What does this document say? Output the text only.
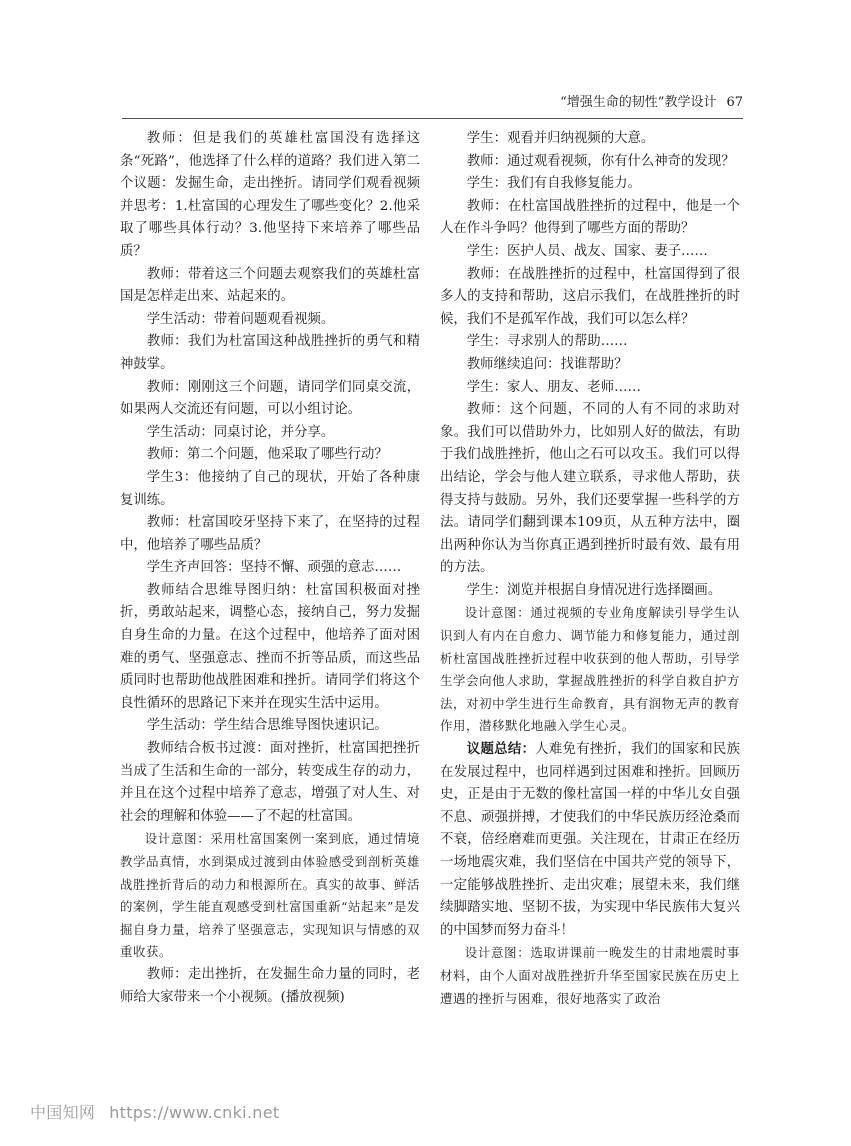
“增强生命的韧性”教学设计 67

教师：但是我们的英雄杜富国没有选择这条“死路”，他选择了什么样的道路？我们进入第二个议题：发掘生命，走出挫折。请同学们观看视频并思考：1.杜富国的心理发生了哪些变化？2.他采取了哪些具体行动？3.他坚持下来培养了哪些品质？

教师：带着这三个问题去观察我们的英雄杜富国是怎样走出来、站起来的。

学生活动：带着问题观看视频。

教师：我们为杜富国这种战胜挫折的勇气和精神鼓掌。

教师：刚刚这三个问题，请同学们同桌交流，如果两人交流还有问题，可以小组讨论。

学生活动：同桌讨论，并分享。

教师：第二个问题，他采取了哪些行动？

学生3：他接纳了自己的现状，开始了各种康复训练。

教师：杜富国咬牙坚持下来了，在坚持的过程中，他培养了哪些品质？

学生齐声回答：坚持不懈、顽强的意志……

教师结合思维导图归纳：杜富国积极面对挫折，勇敢站起来，调整心态，接纳自己，努力发掘自身生命的力量。在这个过程中，他培养了面对困难的勇气、坚强意志、挫而不折等品质，而这些品质同时也帮助他战胜困难和挫折。请同学们将这个良性循环的思路记下来并在现实生活中运用。

学生活动：学生结合思维导图快速识记。

教师结合板书过渡：面对挫折，杜富国把挫折当成了生活和生命的一部分，转变成生存的动力，并且在这个过程中培养了意志，增强了对人生、对社会的理解和体验——了不起的杜富国。

设计意图：采用杜富国案例一案到底，通过情境教学品真情，水到渠成过渡到由体验感受到剖析英雄战胜挫折背后的动力和根源所在。真实的故事、鲜活的案例，学生能直观感受到杜富国重新“站起来”是发掘自身力量，培养了坚强意志，实现知识与情感的双重收获。

教师：走出挫折，在发掘生命力量的同时，老师给大家带来一个小视频。(播放视频)

学生：观看并归纳视频的大意。

教师：通过观看视频，你有什么神奇的发现？

学生：我们有自我修复能力。

教师：在杜富国战胜挫折的过程中，他是一个人在作斗争吗？他得到了哪些方面的帮助？

学生：医护人员、战友、国家、妻子……

教师：在战胜挫折的过程中，杜富国得到了很多人的支持和帮助，这启示我们，在战胜挫折的时候，我们不是孤军作战，我们可以怎么样？

学生：寻求别人的帮助……

教师继续追问：找谁帮助？

学生：家人、朋友、老师……

教师：这个问题，不同的人有不同的求助对象。我们可以借助外力，比如别人好的做法，有助于我们战胜挫折，他山之石可以攻玉。我们可以得出结论，学会与他人建立联系，寻求他人帮助，获得支持与鼓励。另外，我们还要掌握一些科学的方法。请同学们翻到课本109页，从五种方法中，圈出两种你认为当你真正遇到挫折时最有效、最有用的方法。

学生：浏览并根据自身情况进行选择圈画。

设计意图：通过视频的专业角度解读引导学生认识到人有内在自愈力、调节能力和修复能力，通过剖析杜富国战胜挫折过程中收获到的他人帮助，引导学生学会向他人求助，掌握战胜挫折的科学自救自护方法，对初中学生进行生命教育，具有润物无声的教育作用，潜移默化地融入学生心灵。

议题总结：人难免有挫折，我们的国家和民族在发展过程中，也同样遇到过困难和挫折。回顾历史，正是由于无数的像杜富国一样的中华儿女自强不息、顽强拼搏，才使我们的中华民族历经沧桑而不衰，倍经磨难而更强。关注现在，甘肃正在经历一场地震灾难，我们坚信在中国共产党的领导下，一定能够战胜挫折、走出灾难；展望未来，我们继续脚踏实地、坚韧不拔，为实现中华民族伟大复兴的中国梦而努力奋斗！

设计意图：选取讲课前一晚发生的甘肃地震时事材料，由个人面对战胜挫折升华至国家民族在历史上遭遇的挫折与困难，很好地落实了政治

中国知网 https://www.cnki.net
